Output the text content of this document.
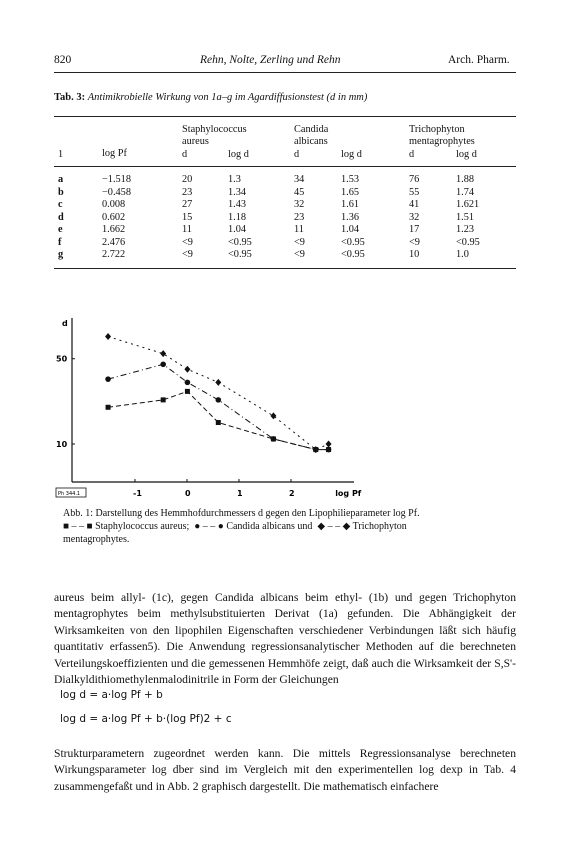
820	Rehn, Nolte, Zerling und Rehn	Arch. Pharm.
Tab. 3: Antimikrobielle Wirkung von 1a–g im Agardiffusionstest (d in mm)
Staphylococcus
aureus
Candida
albicans
Trichophyton
mentagrophytes
1	log Pf	d	log d	d	log d	d	log d
a	−1.518	20	1.3	34	1.53	76	1.88
b	−0.458	23	1.34	45	1.65	55	1.74
c	0.008	27	1.43	32	1.61	41	1.621
d	0.602	15	1.18	23	1.36	32	1.51
e	1.662	11	1.04	11	1.04	17	1.23
f	2.476	<9	<0.95	<9	<0.95	<9	<0.95
g	2.722	<9	<0.95	<9	<0.95	10	1.0
d
50
10
-1	0	1	2	log Pf
Ph 344.1
Abb. 1: Darstellung des Hemmhofdurchmessers d gegen den Lipophilieparameter log Pf.
■ – – ■ Staphylococcus aureus;  ● – – ● Candida albicans und  ◆ – – ◆ Trichophyton
mentagrophytes.
aureus beim allyl- (1c), gegen Candida albicans beim ethyl- (1b) und gegen Trichophyton mentagrophytes beim methylsubstituierten Derivat (1a) gefunden. Die Abhängigkeit der Wirksamkeiten von den lipophilen Eigenschaften verschiedener Verbindungen läßt sich häufig quantitativ erfassen5). Die Anwendung regressionsanalytischer Methoden auf die berechneten Verteilungskoeffizienten und die gemessenen Hemmhöfe zeigt, daß auch die Wirksamkeit der S,S'-Dialkyldithiomethylenmalodinitrile in Form der Gleichungen
log d = a·log Pf + b
log d = a·log Pf + b·(log Pf)2 + c
Strukturparametern zugeordnet werden kann. Die mittels Regressionsanalyse berechneten Wirkungsparameter log dber sind im Vergleich mit den experimentellen log dexp in Tab. 4 zusammengefaßt und in Abb. 2 graphisch dargestellt. Die mathematisch einfachere
